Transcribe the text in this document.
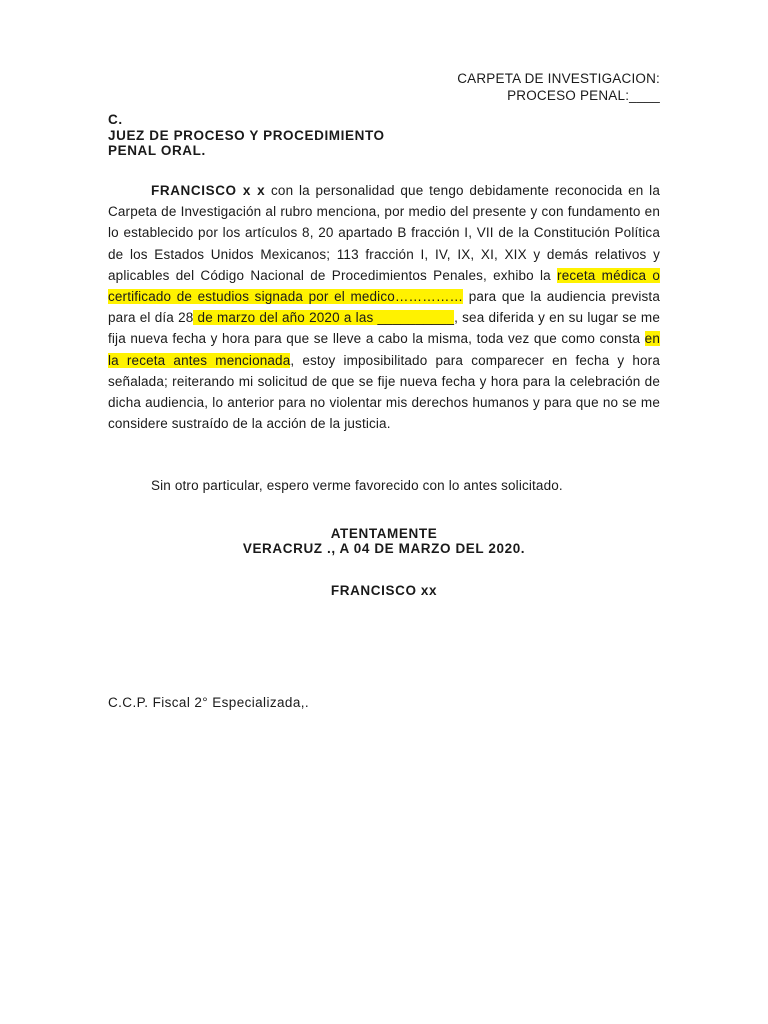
CARPETA DE INVESTIGACION:
PROCESO PENAL:____
C.
JUEZ DE PROCESO Y PROCEDIMIENTO
PENAL ORAL.

FRANCISCO x x con la personalidad que tengo debidamente reconocida en la Carpeta de Investigación al rubro menciona, por medio del presente y con fundamento en lo establecido por los artículos 8, 20 apartado B fracción I, VII de la Constitución Política de los Estados Unidos Mexicanos; 113 fracción I, IV, IX, XI, XIX y demás relativos y aplicables del Código Nacional de Procedimientos Penales, exhibo la receta médica o certificado de estudios signada por el medico…………… para que la audiencia prevista para el día 28 de marzo del año 2020 a las __________, sea diferida y en su lugar se me fija nueva fecha y hora para que se lleve a cabo la misma, toda vez que como consta en la receta antes mencionada, estoy imposibilitado para comparecer en fecha y hora señalada; reiterando mi solicitud de que se fije nueva fecha y hora para la celebración de dicha audiencia, lo anterior para no violentar mis derechos humanos y para que no se me considere sustraído de la acción de la justicia.

Sin otro particular, espero verme favorecido con lo antes solicitado.
ATENTAMENTE
VERACRUZ ., A 04 DE MARZO DEL 2020.
FRANCISCO xx
C.C.P. Fiscal 2° Especializada,.
